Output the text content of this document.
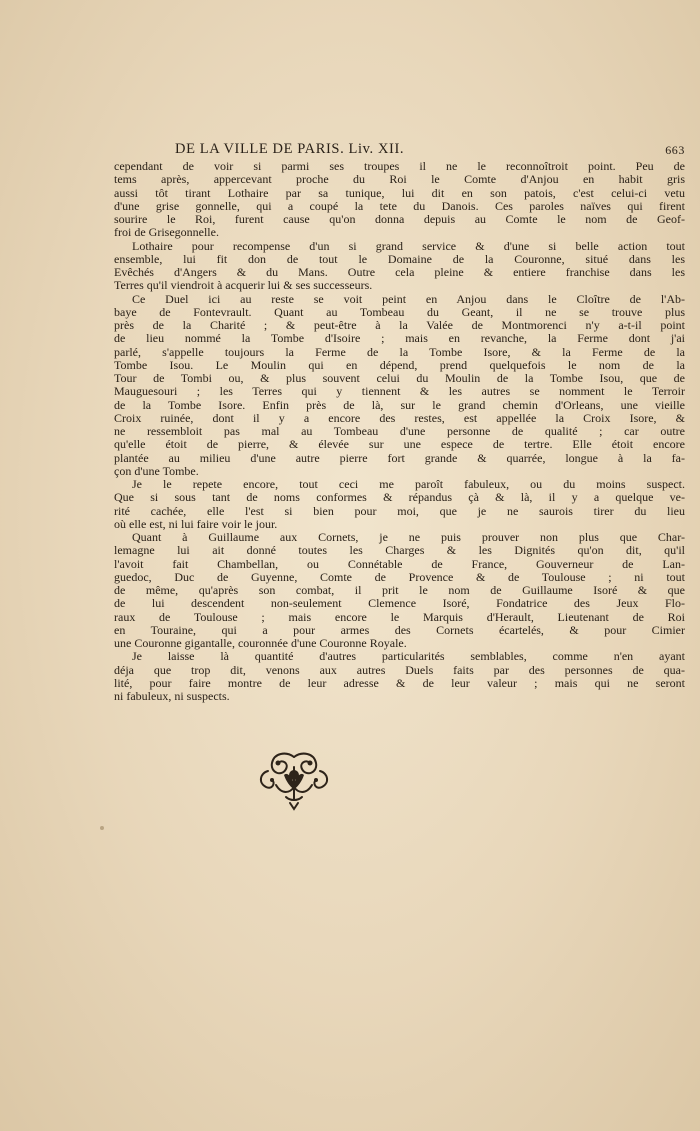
DE LA VILLE DE PARIS. Liv. XII.	663

cependant de voir si parmi ses troupes il ne le reconnoîtroit point. Peu de
tems après, appercevant proche du Roi le Comte d'Anjou en habit gris
aussi tôt tirant Lothaire par sa tunique, lui dit en son patois, c'est celui-ci vetu
d'une grise gonnelle, qui a coupé la tete du Danois. Ces paroles naïves qui firent
sourire le Roi, furent cause qu'on donna depuis au Comte le nom de Geof-
froi de Grisegonnelle.

Lothaire pour recompense d'un si grand service & d'une si belle action tout
ensemble, lui fit don de tout le Domaine de la Couronne, situé dans les
Evêchés d'Angers & du Mans. Outre cela pleine & entiere franchise dans les
Terres qu'il viendroit à acquerir lui & ses successeurs.

Ce Duel ici au reste se voit peint en Anjou dans le Cloître de l'Ab-
baye de Fontevrault. Quant au Tombeau du Geant, il ne se trouve plus
près de la Charité ; & peut-être à la Valée de Montmorenci n'y a-t-il point
de lieu nommé la Tombe d'Isoire ; mais en revanche, la Ferme dont j'ai
parlé, s'appelle toujours la Ferme de la Tombe Isore, & la Ferme de la
Tombe Isou. Le Moulin qui en dépend, prend quelquefois le nom de la
Tour de Tombi ou, & plus souvent celui du Moulin de la Tombe Isou, que de
Mauguesouri ; les Terres qui y tiennent & les autres se nomment le Terroir
de la Tombe Isore. Enfin près de là, sur le grand chemin d'Orleans, une vieille
Croix ruinée, dont il y a encore des restes, est appellée la Croix Isore, &
ne ressembloit pas mal au Tombeau d'une personne de qualité ; car outre
qu'elle étoit de pierre, & élevée sur une espece de tertre. Elle étoit encore
plantée au milieu d'une autre pierre fort grande & quarrée, longue à la fa-
çon d'une Tombe.

Je le repete encore, tout ceci me paroît fabuleux, ou du moins suspect.
Que si sous tant de noms conformes & répandus çà & là, il y a quelque ve-
rité cachée, elle l'est si bien pour moi, que je ne saurois tirer du lieu
où elle est, ni lui faire voir le jour.

Quant à Guillaume aux Cornets, je ne puis prouver non plus que Char-
lemagne lui ait donné toutes les Charges & les Dignités qu'on dit, qu'il
l'avoit fait Chambellan, ou Connétable de France, Gouverneur de Lan-
guedoc, Duc de Guyenne, Comte de Provence & de Toulouse ; ni tout
de même, qu'après son combat, il prit le nom de Guillaume Isoré & que
de lui descendent non-seulement Clemence Isoré, Fondatrice des Jeux Flo-
raux de Toulouse ; mais encore le Marquis d'Herault, Lieutenant de Roi
en Touraine, qui a pour armes des Cornets écartelés, & pour Cimier
une Couronne gigantalle, couronnée d'une Couronne Royale.

Je laisse là quantité d'autres particularités semblables, comme n'en ayant
déja que trop dit, venons aux autres Duels faits par des personnes de qua-
lité, pour faire montre de leur adresse & de leur valeur ; mais qui ne seront
ni fabuleux, ni suspects.
